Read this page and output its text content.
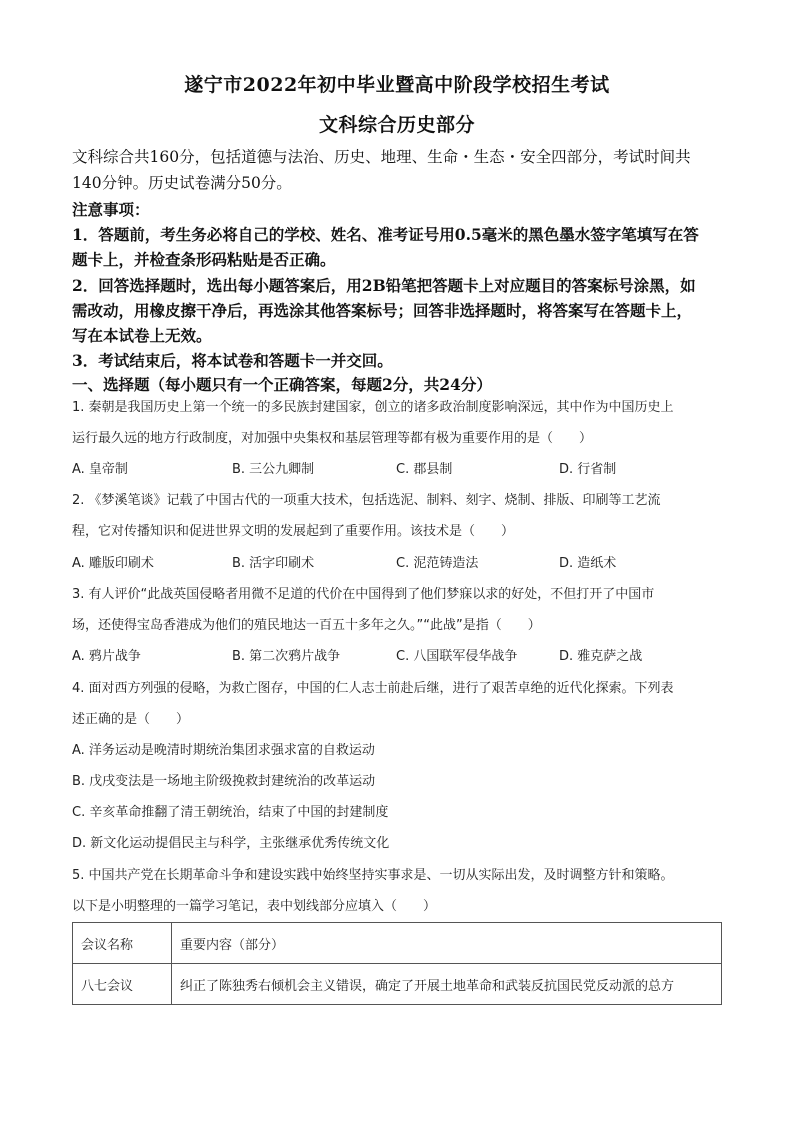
遂宁市2022年初中毕业暨高中阶段学校招生考试
文科综合历史部分
文科综合共160分，包括道德与法治、历史、地理、生命・生态・安全四部分，考试时间共
140分钟。历史试卷满分50分。
注意事项：
1．答题前，考生务必将自己的学校、姓名、准考证号用0.5毫米的黑色墨水签字笔填写在答
题卡上，并检查条形码粘贴是否正确。
2．回答选择题时，选出每小题答案后，用2B铅笔把答题卡上对应题目的答案标号涂黑，如
需改动，用橡皮擦干净后，再选涂其他答案标号；回答非选择题时，将答案写在答题卡上，
写在本试卷上无效。
3．考试结束后，将本试卷和答题卡一并交回。
一、选择题（每小题只有一个正确答案，每题2分，共24分）
1. 秦朝是我国历史上第一个统一的多民族封建国家，创立的诸多政治制度影响深远，其中作为中国历史上
运行最久远的地方行政制度，对加强中央集权和基层管理等都有极为重要作用的是（　　）
A. 皇帝制	B. 三公九卿制	C. 郡县制	D. 行省制
2. 《梦溪笔谈》记载了中国古代的一项重大技术，包括选泥、制料、刻字、烧制、排版、印刷等工艺流
程，它对传播知识和促进世界文明的发展起到了重要作用。该技术是（　　）
A. 雕版印刷术	B. 活字印刷术	C. 泥范铸造法	D. 造纸术
3. 有人评价“此战英国侵略者用微不足道的代价在中国得到了他们梦寐以求的好处，不但打开了中国市
场，还使得宝岛香港成为他们的殖民地达一百五十多年之久。”“此战”是指（　　）
A. 鸦片战争	B. 第二次鸦片战争	C. 八国联军侵华战争	D. 雅克萨之战
4. 面对西方列强的侵略，为救亡图存，中国的仁人志士前赴后继，进行了艰苦卓绝的近代化探索。下列表
述正确的是（　　）
A. 洋务运动是晚清时期统治集团求强求富的自救运动
B. 戊戌变法是一场地主阶级挽救封建统治的改革运动
C. 辛亥革命推翻了清王朝统治，结束了中国的封建制度
D. 新文化运动提倡民主与科学，主张继承优秀传统文化
5. 中国共产党在长期革命斗争和建设实践中始终坚持实事求是、一切从实际出发，及时调整方针和策略。
以下是小明整理的一篇学习笔记，表中划线部分应填入（　　）
会议名称	重要内容（部分）
八七会议	纠正了陈独秀右倾机会主义错误，确定了开展土地革命和武装反抗国民党反动派的总方
